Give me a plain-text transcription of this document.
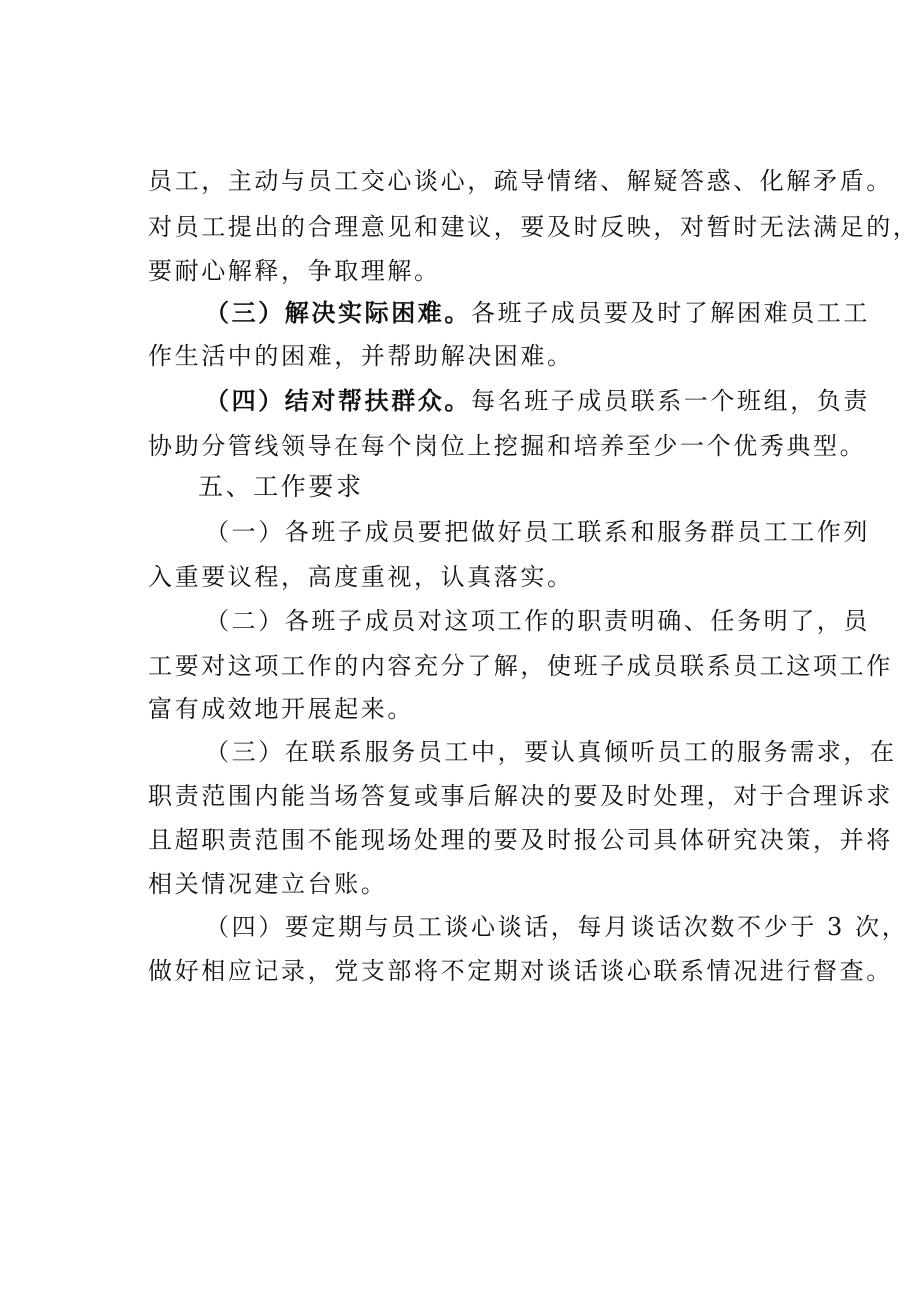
员工，主动与员工交心谈心，疏导情绪、解疑答惑、化解矛盾。
对员工提出的合理意见和建议，要及时反映，对暂时无法满足的，
要耐心解释，争取理解。
（三）解决实际困难。各班子成员要及时了解困难员工工
作生活中的困难，并帮助解决困难。
（四）结对帮扶群众。每名班子成员联系一个班组，负责
协助分管线领导在每个岗位上挖掘和培养至少一个优秀典型。
五、工作要求
（一）各班子成员要把做好员工联系和服务群员工工作列
入重要议程，高度重视，认真落实。
（二）各班子成员对这项工作的职责明确、任务明了，员
工要对这项工作的内容充分了解，使班子成员联系员工这项工作
富有成效地开展起来。
（三）在联系服务员工中，要认真倾听员工的服务需求，在
职责范围内能当场答复或事后解决的要及时处理，对于合理诉求
且超职责范围不能现场处理的要及时报公司具体研究决策，并将
相关情况建立台账。
（四）要定期与员工谈心谈话，每月谈话次数不少于 3 次，
做好相应记录，党支部将不定期对谈话谈心联系情况进行督查。
